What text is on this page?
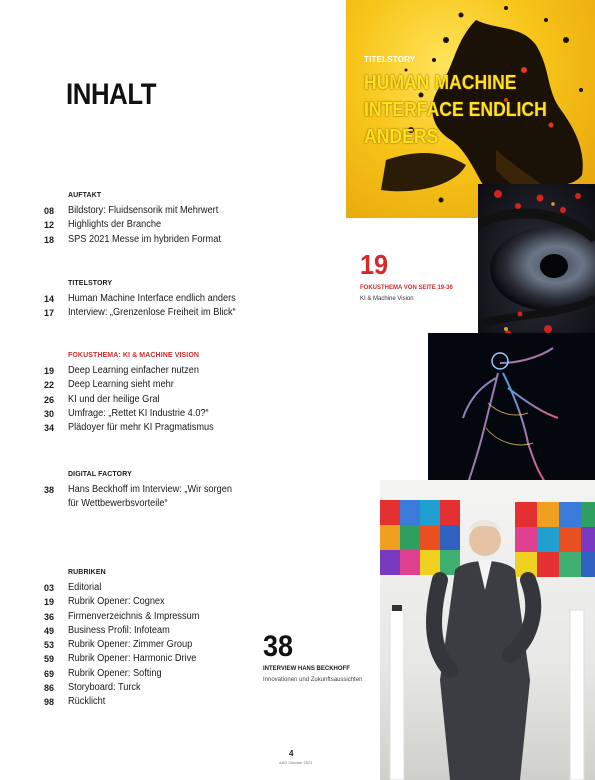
INHALT
AUFTAKT
08	Bildstory: Fluidsensorik mit Mehrwert
12	Highlights der Branche
18	SPS 2021 Messe im hybriden Format
TITELSTORY
14	Human Machine Interface endlich anders
17	Interview: „Grenzenlose Freiheit im Blick“
FOKUSTHEMA: KI & MACHINE VISION
19	Deep Learning einfacher nutzen
22	Deep Learning sieht mehr
26	KI und der heilige Gral
30	Umfrage: „Rettet KI Industrie 4.0?“
34	Plädoyer für mehr KI Pragmatismus
DIGITAL FACTORY
38	Hans Beckhoff im Interview: „Wir sorgen
für Wettbewerbsvorteile“
RUBRIKEN
03	Editorial
19	Rubrik Opener: Cognex
36	Firmenverzeichnis & Impressum
49	Business Profil: Infoteam
53	Rubrik Opener: Zimmer Group
59	Rubrik Opener: Harmonic Drive
69	Rubrik Opener: Softing
86	Storyboard: Turck
98	Rücklicht
TITELSTORY
HUMAN MACHINE
INTERFACE ENDLICH
ANDERS
19
FOKUSTHEMA VON SEITE 19-36
KI & Machine Vision
38
INTERVIEW HANS BECKHOFF
Innovationen und Zukunftsaussichten
4
A&D Oktober 2021
